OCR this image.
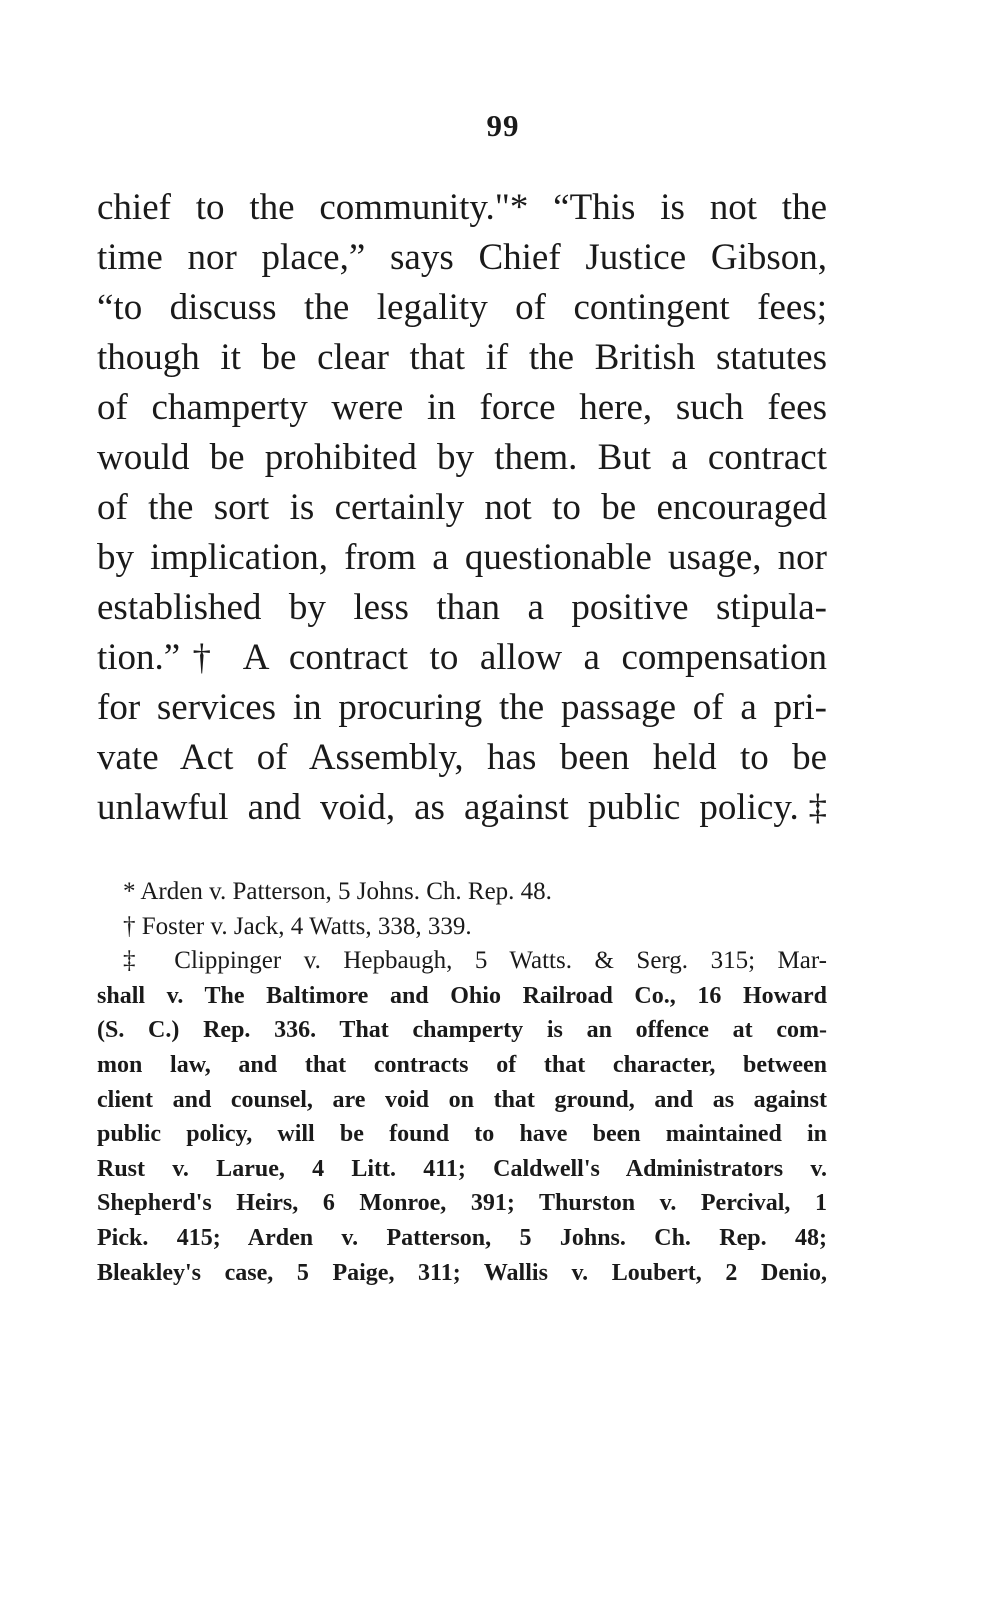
99
chief to the community."* “This is not the
time nor place,” says Chief Justice Gibson,
“to discuss the legality of contingent fees;
though it be clear that if the British statutes
of champerty were in force here, such fees
would be prohibited by them. But a contract
of the sort is certainly not to be encouraged
by implication, from a questionable usage, nor
established by less than a positive stipula-
tion.”† A contract to allow a compensation
for services in procuring the passage of a pri-
vate Act of Assembly, has been held to be
unlawful and void, as against public policy.‡
* Arden v. Patterson, 5 Johns. Ch. Rep. 48.
† Foster v. Jack, 4 Watts, 338, 339.
‡ Clippinger v. Hepbaugh, 5 Watts. & Serg. 315; Mar-
shall v. The Baltimore and Ohio Railroad Co., 16 Howard
(S. C.) Rep. 336. That champerty is an offence at com-
mon law, and that contracts of that character, between
client and counsel, are void on that ground, and as against
public policy, will be found to have been maintained in
Rust v. Larue, 4 Litt. 411; Caldwell's Administrators v.
Shepherd's Heirs, 6 Monroe, 391; Thurston v. Percival, 1
Pick. 415; Arden v. Patterson, 5 Johns. Ch. Rep. 48;
Bleakley's case, 5 Paige, 311; Wallis v. Loubert, 2 Denio,
